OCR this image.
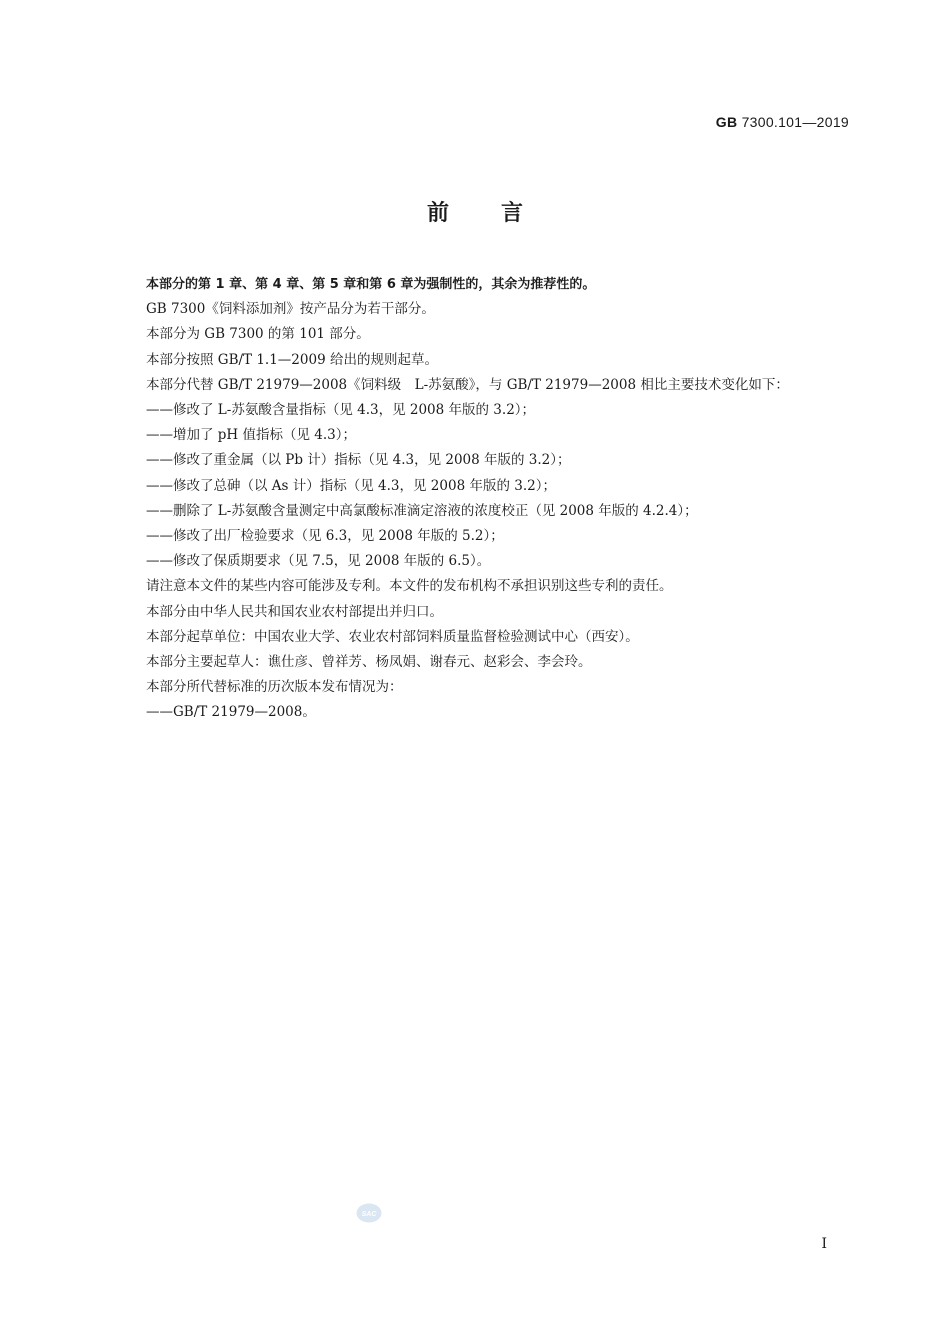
GB 7300.101—2019
前言

本部分的第 1 章、第 4 章、第 5 章和第 6 章为强制性的，其余为推荐性的。

GB 7300《饲料添加剂》按产品分为若干部分。

本部分为 GB 7300 的第 101 部分。

本部分按照 GB/T 1.1—2009 给出的规则起草。

本部分代替 GB/T 21979—2008《饲料级　L-苏氨酸》，与 GB/T 21979—2008 相比主要技术变化如下：

——修改了 L-苏氨酸含量指标（见 4.3，见 2008 年版的 3.2）；

——增加了 pH 值指标（见 4.3）；

——修改了重金属（以 Pb 计）指标（见 4.3，见 2008 年版的 3.2）；

——修改了总砷（以 As 计）指标（见 4.3，见 2008 年版的 3.2）；

——删除了 L-苏氨酸含量测定中高氯酸标准滴定溶液的浓度校正（见 2008 年版的 4.2.4）；

——修改了出厂检验要求（见 6.3，见 2008 年版的 5.2）；

——修改了保质期要求（见 7.5，见 2008 年版的 6.5）。

请注意本文件的某些内容可能涉及专利。本文件的发布机构不承担识别这些专利的责任。

本部分由中华人民共和国农业农村部提出并归口。

本部分起草单位：中国农业大学、农业农村部饲料质量监督检验测试中心（西安）。

本部分主要起草人：谯仕彦、曾祥芳、杨凤娟、谢春元、赵彩会、李会玲。

本部分所代替标准的历次版本发布情况为：

——GB/T 21979—2008。

SAC
I
